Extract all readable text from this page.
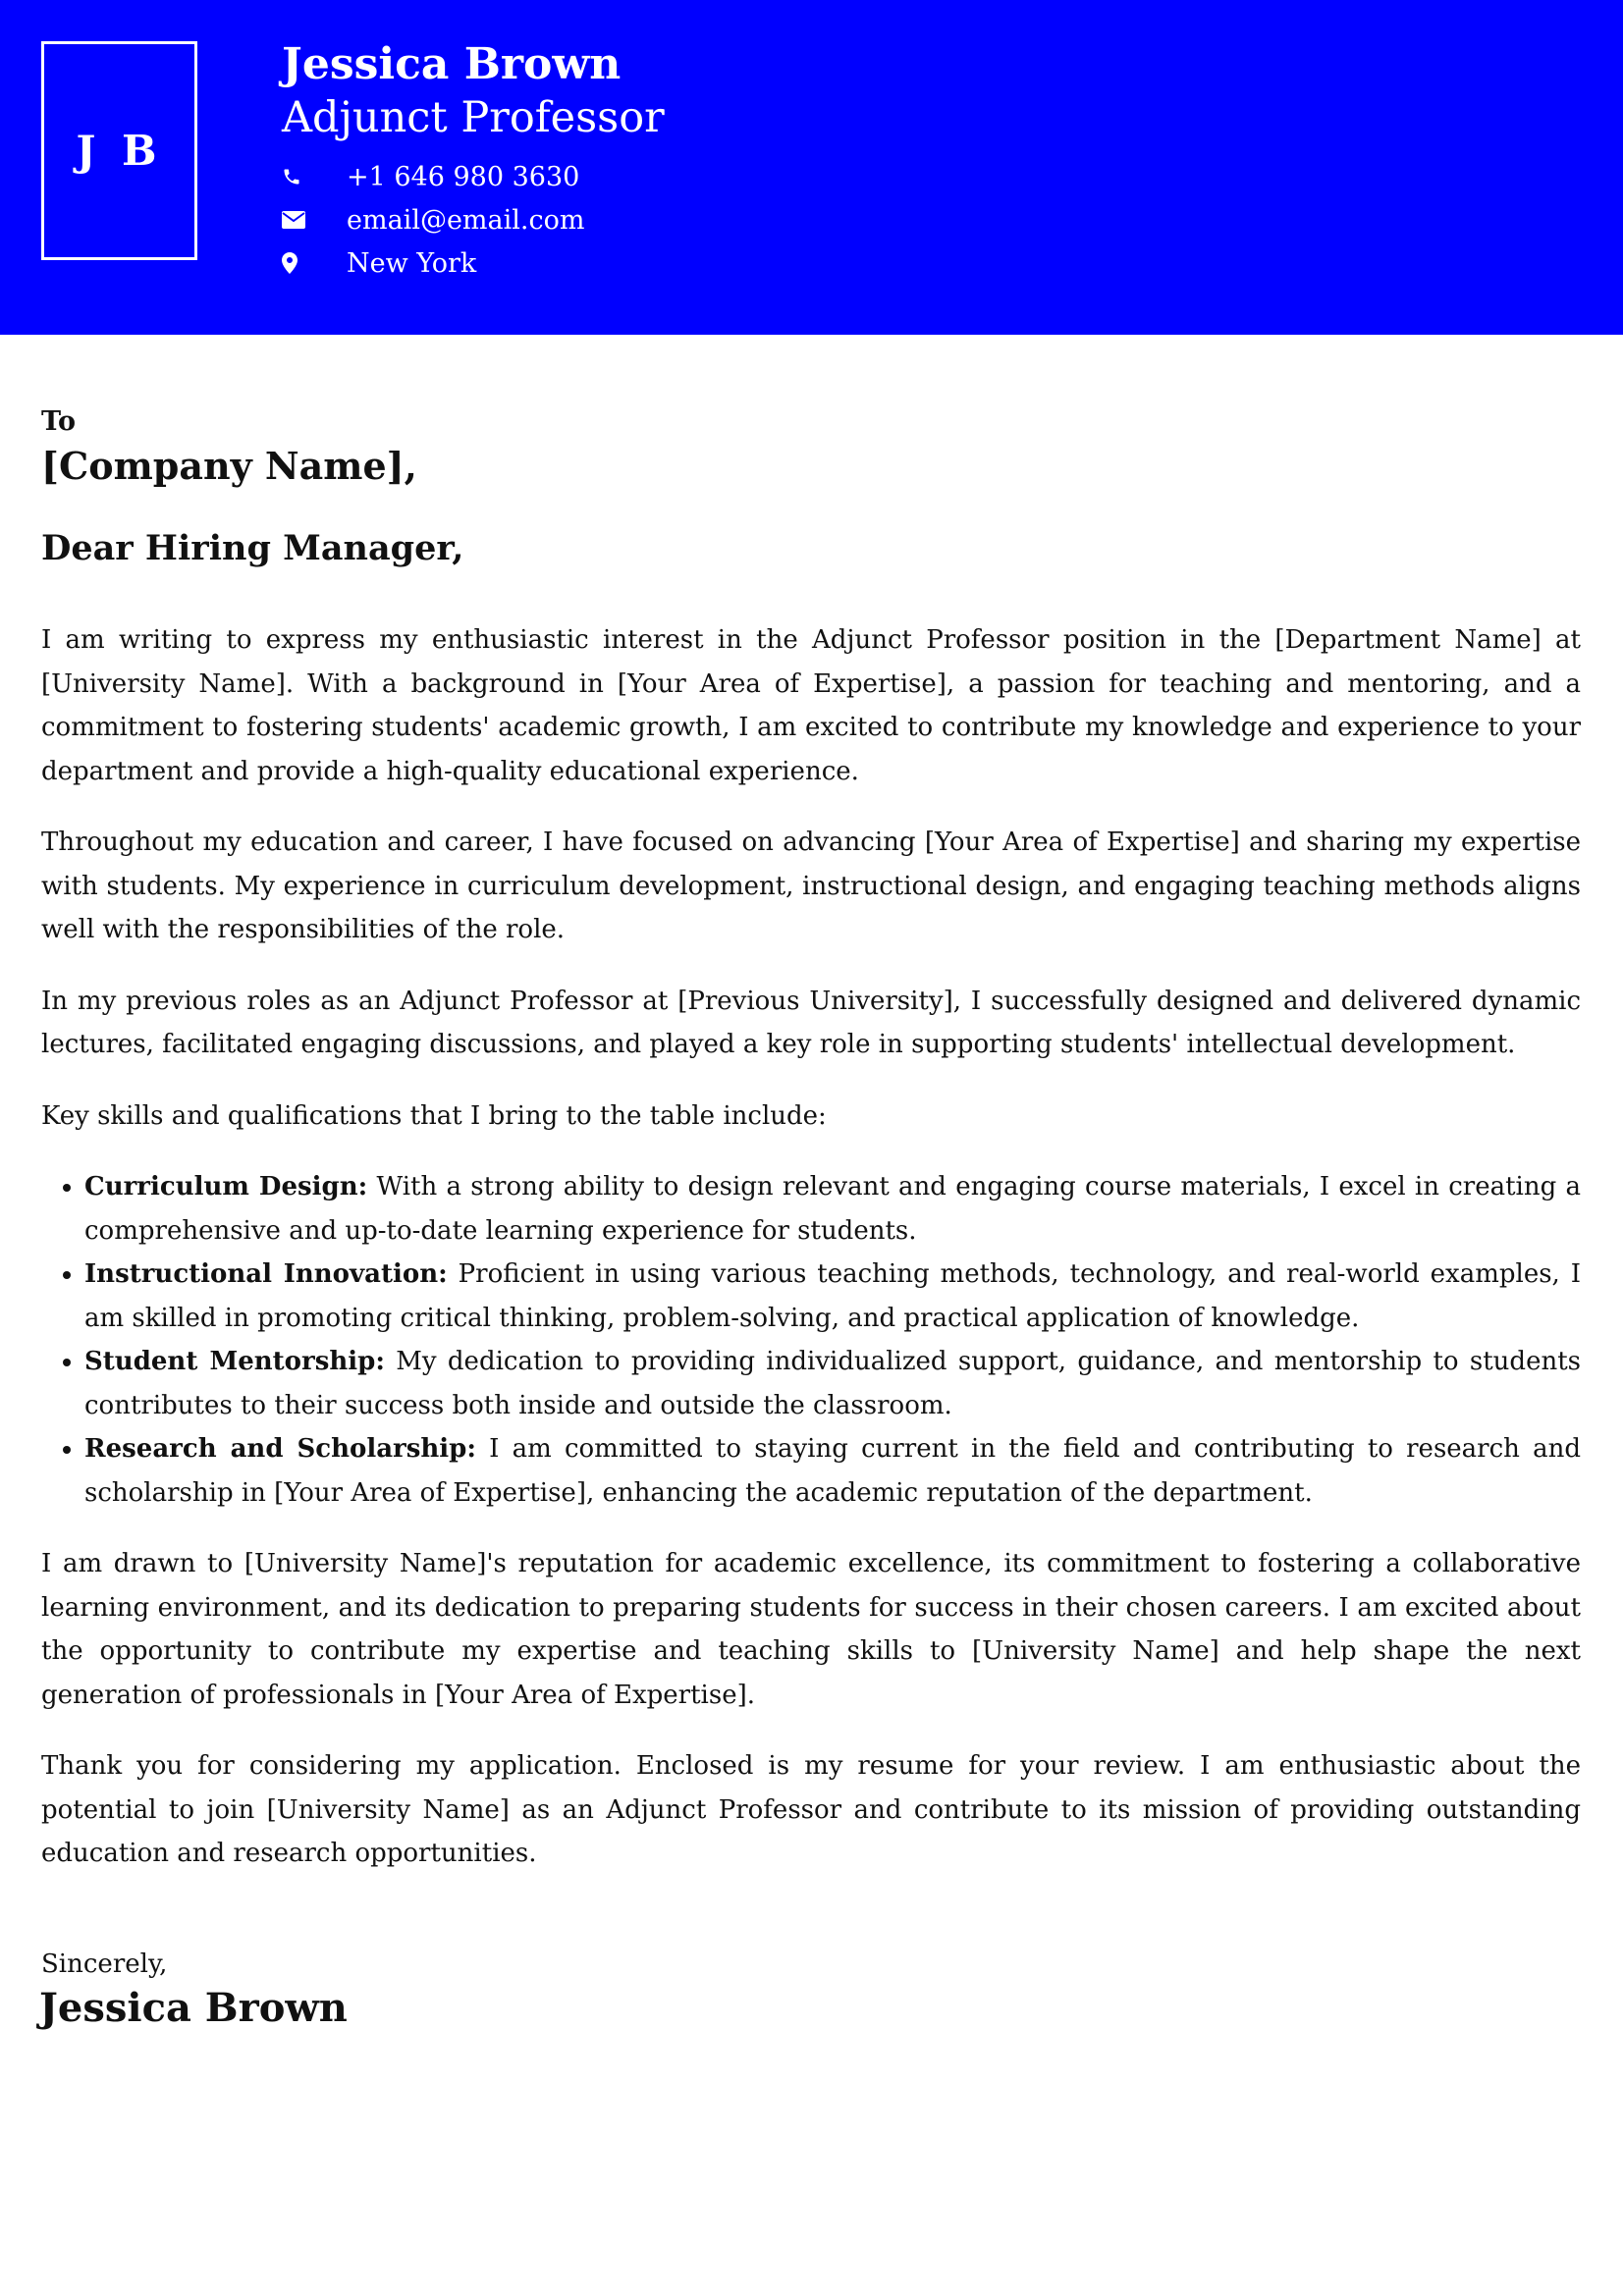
J B
Jessica Brown
Adjunct Professor
+1 646 980 3630
email@email.com
New York
To
[Company Name],
Dear Hiring Manager,

I am writing to express my enthusiastic interest in the Adjunct Professor position in the [Department Name] at [University Name]. With a background in [Your Area of Expertise], a passion for teaching and mentoring, and a commitment to fostering students' academic growth, I am excited to contribute my knowledge and experience to your department and provide a high-quality educational experience.

Throughout my education and career, I have focused on advancing [Your Area of Expertise] and sharing my expertise with students. My experience in curriculum development, instructional design, and engaging teaching methods aligns well with the responsibilities of the role.

In my previous roles as an Adjunct Professor at [Previous University], I successfully designed and delivered dynamic lectures, facilitated engaging discussions, and played a key role in supporting students' intellectual development.

Key skills and qualifications that I bring to the table include:

• Curriculum Design: With a strong ability to design relevant and engaging course materials, I excel in creating a comprehensive and up-to-date learning experience for students.
• Instructional Innovation: Proficient in using various teaching methods, technology, and real-world examples, I am skilled in promoting critical thinking, problem-solving, and practical application of knowledge.
• Student Mentorship: My dedication to providing individualized support, guidance, and mentorship to students contributes to their success both inside and outside the classroom.
• Research and Scholarship: I am committed to staying current in the field and contributing to research and scholarship in [Your Area of Expertise], enhancing the academic reputation of the department.

I am drawn to [University Name]'s reputation for academic excellence, its commitment to fostering a collaborative learning environment, and its dedication to preparing students for success in their chosen careers. I am excited about the opportunity to contribute my expertise and teaching skills to [University Name] and help shape the next generation of professionals in [Your Area of Expertise].

Thank you for considering my application. Enclosed is my resume for your review. I am enthusiastic about the potential to join [University Name] as an Adjunct Professor and contribute to its mission of providing outstanding education and research opportunities.

Sincerely,
Jessica Brown
